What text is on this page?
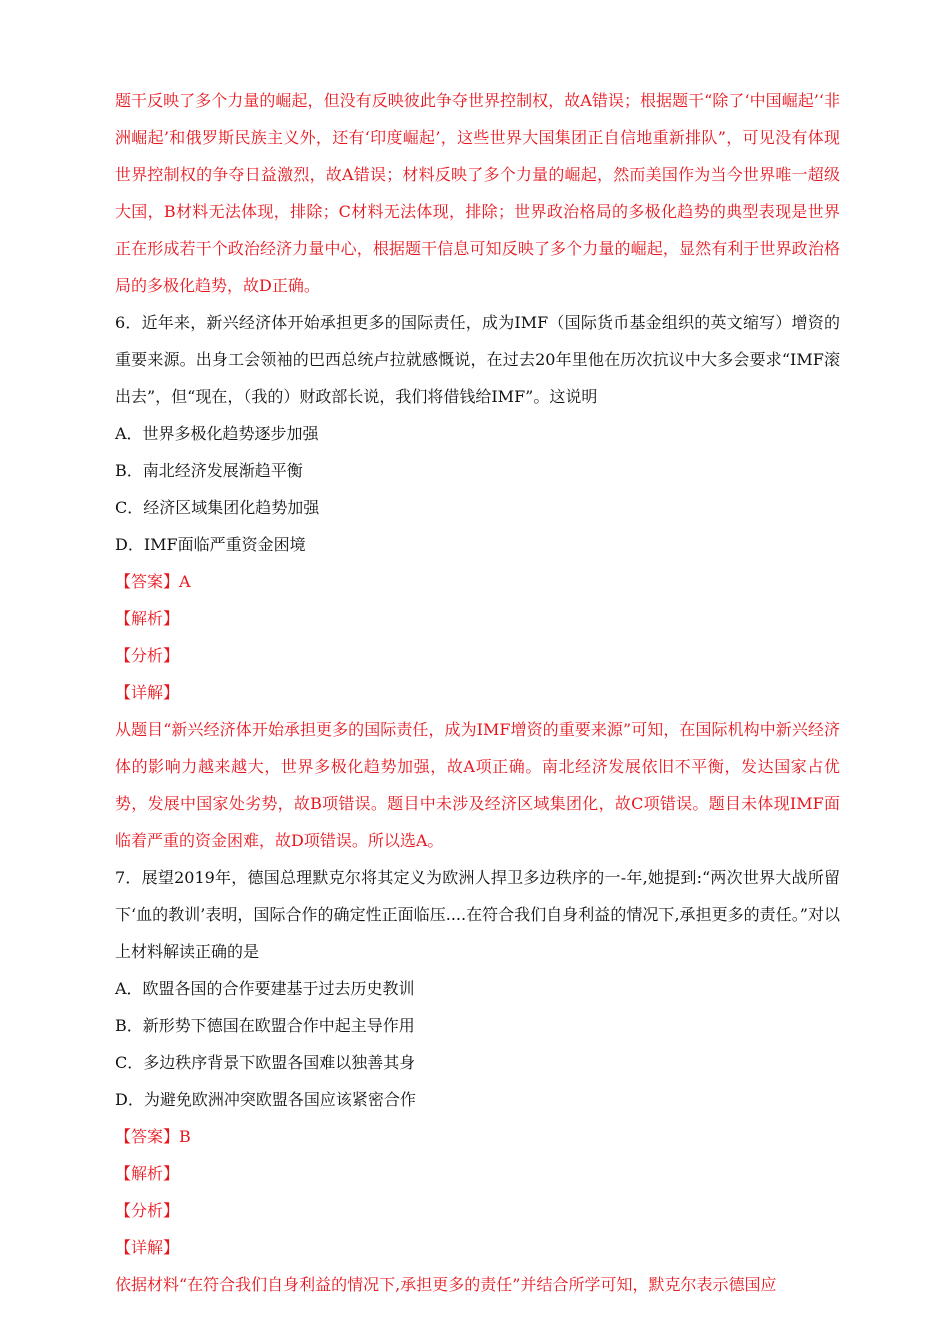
题干反映了多个力量的崛起，但没有反映彼此争夺世界控制权，故A错误；根据题干“除了‘中国崛起’‘非洲崛起’和俄罗斯民族主义外，还有‘印度崛起’，这些世界大国集团正自信地重新排队”，可见没有体现世界控制权的争夺日益激烈，故A错误；材料反映了多个力量的崛起，然而美国作为当今世界唯一超级大国，B材料无法体现，排除；C材料无法体现，排除；世界政治格局的多极化趋势的典型表现是世界正在形成若干个政治经济力量中心，根据题干信息可知反映了多个力量的崛起，显然有利于世界政治格局的多极化趋势，故D正确。

6．近年来，新兴经济体开始承担更多的国际责任，成为IMF（国际货币基金组织的英文缩写）增资的重要来源。出身工会领袖的巴西总统卢拉就感慨说，在过去20年里他在历次抗议中大多会要求“IMF滚出去”，但“现在，（我的）财政部长说，我们将借钱给IMF”。这说明

A．世界多极化趋势逐步加强

B．南北经济发展渐趋平衡

C．经济区域集团化趋势加强

D．IMF面临严重资金困境

【答案】A

【解析】

【分析】

【详解】

从题目“新兴经济体开始承担更多的国际责任，成为IMF增资的重要来源”可知，在国际机构中新兴经济体的影响力越来越大，世界多极化趋势加强，故A项正确。南北经济发展依旧不平衡，发达国家占优势，发展中国家处劣势，故B项错误。题目中未涉及经济区域集团化，故C项错误。题目未体现IMF面临着严重的资金困难，故D项错误。所以选A。

7．展望2019年，德国总理默克尔将其定义为欧洲人捍卫多边秩序的一-年,她提到:“两次世界大战所留下‘血的教训’表明，国际合作的确定性正面临压....在符合我们自身利益的情况下,承担更多的责任。”对以上材料解读正确的是

A．欧盟各国的合作要建基于过去历史教训

B．新形势下德国在欧盟合作中起主导作用

C．多边秩序背景下欧盟各国难以独善其身

D．为避免欧洲冲突欧盟各国应该紧密合作

【答案】B

【解析】

【分析】

【详解】

依据材料“在符合我们自身利益的情况下,承担更多的责任”并结合所学可知，默克尔表示德国应
